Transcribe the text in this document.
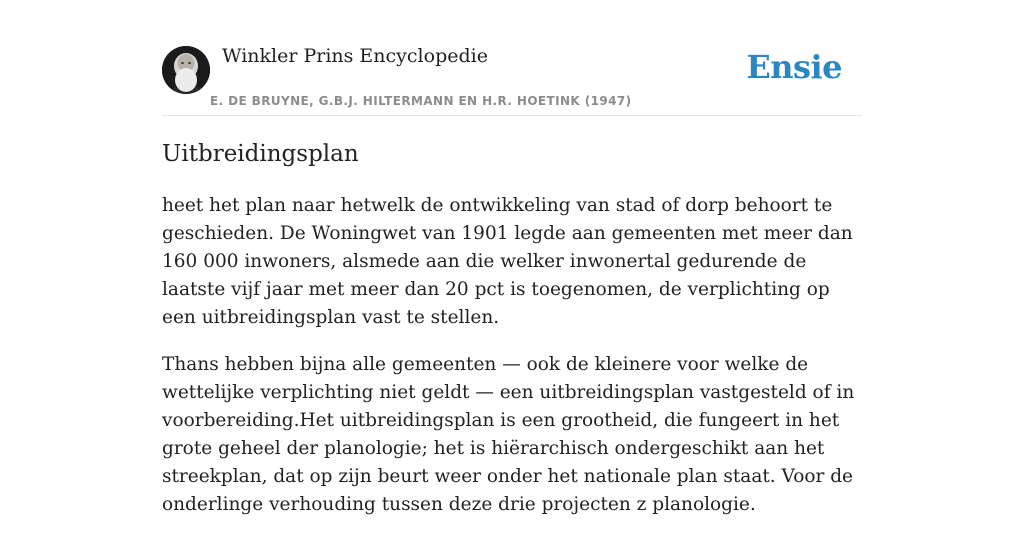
Winkler Prins Encyclopedie
E. DE BRUYNE, G.B.J. HILTERMANN EN H.R. HOETINK (1947)
Ensie
Uitbreidingsplan

heet het plan naar hetwelk de ontwikkeling van stad of dorp behoort te geschieden. De Woningwet van 1901 legde aan gemeenten met meer dan 160 000 inwoners, alsmede aan die welker inwonertal gedurende de laatste vijf jaar met meer dan 20 pct is toegenomen, de verplichting op een uitbreidingsplan vast te stellen.

Thans hebben bijna alle gemeenten — ook de kleinere voor welke de wettelijke verplichting niet geldt — een uitbreidingsplan vastgesteld of in voorbereiding.Het uitbreidingsplan is een grootheid, die fungeert in het grote geheel der planologie; het is hiërarchisch ondergeschikt aan het streekplan, dat op zijn beurt weer onder het nationale plan staat. Voor de onderlinge verhouding tussen deze drie projecten z planologie.
